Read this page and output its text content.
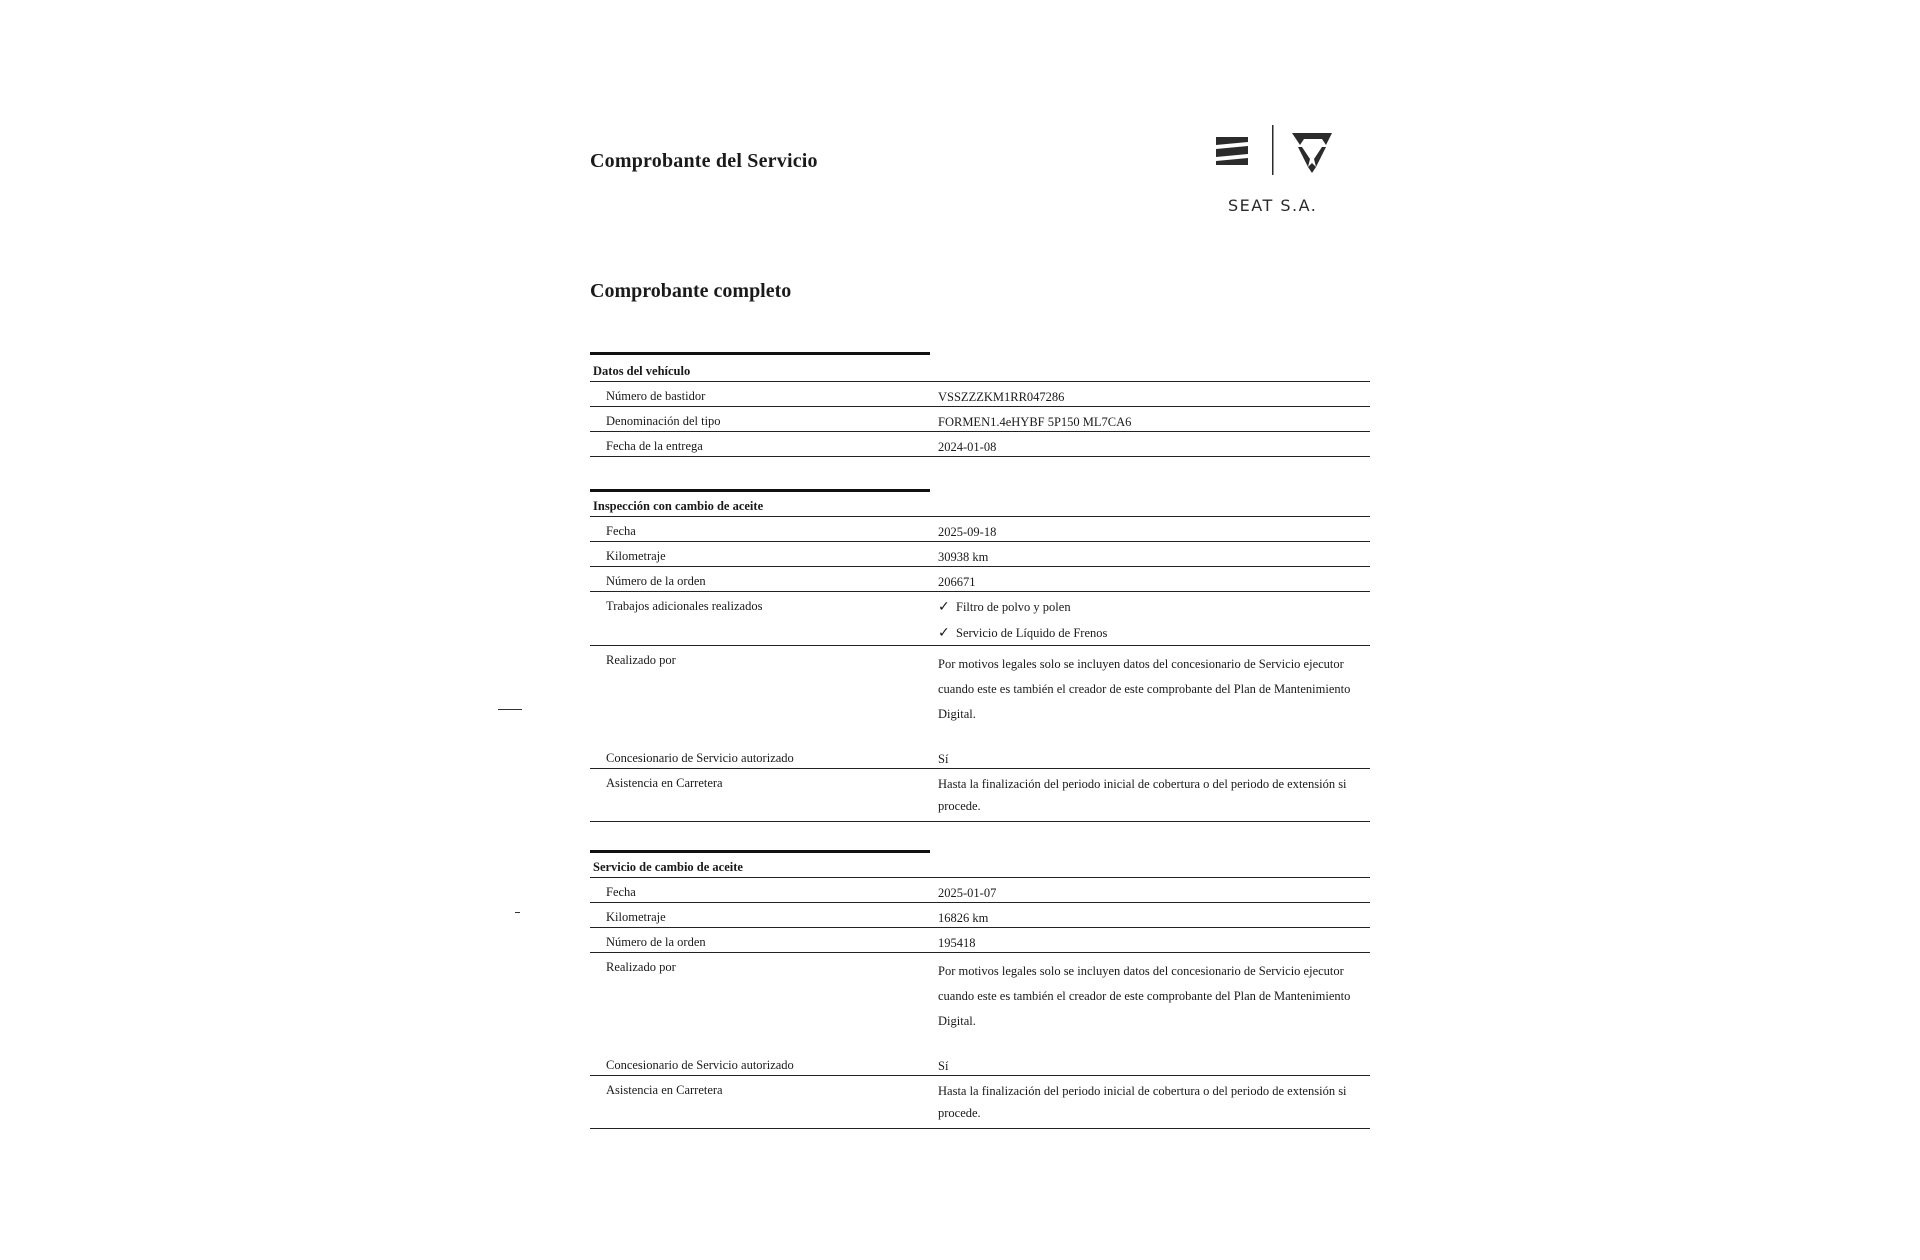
Comprobante del Servicio
SEAT S.A.
Comprobante completo
Datos del vehículo
Número de bastidor	VSSZZZKM1RR047286
Denominación del tipo	FORMEN1.4eHYBF 5P150 ML7CA6
Fecha de la entrega	2024-01-08
Inspección con cambio de aceite
Fecha	2025-09-18
Kilometraje	30938 km
Número de la orden	206671
Trabajos adicionales realizados	✓ Filtro de polvo y polen
✓ Servicio de Líquido de Frenos
Realizado por	Por motivos legales solo se incluyen datos del concesionario de Servicio ejecutor cuando este es también el creador de este comprobante del Plan de Mantenimiento Digital.
Concesionario de Servicio autorizado	Sí
Asistencia en Carretera	Hasta la finalización del periodo inicial de cobertura o del periodo de extensión si procede.
Servicio de cambio de aceite
Fecha	2025-01-07
Kilometraje	16826 km
Número de la orden	195418
Realizado por	Por motivos legales solo se incluyen datos del concesionario de Servicio ejecutor cuando este es también el creador de este comprobante del Plan de Mantenimiento Digital.
Concesionario de Servicio autorizado	Sí
Asistencia en Carretera	Hasta la finalización del periodo inicial de cobertura o del periodo de extensión si procede.
